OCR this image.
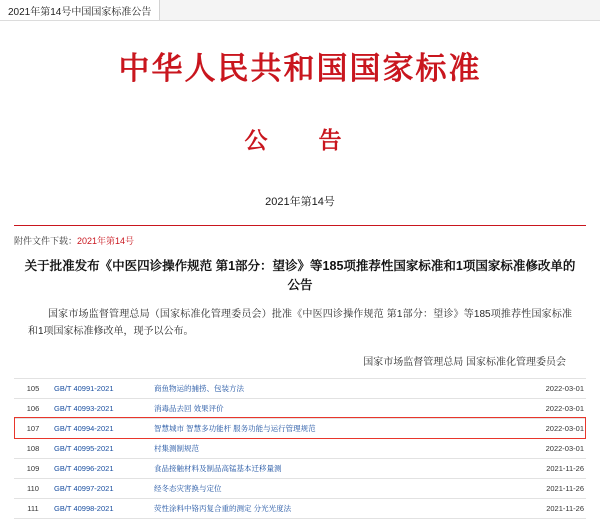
2021年第14号中国国家标准公告
中华人民共和国国家标准
公　告
2021年第14号
附件文件下载：2021年第14号
关于批准发布《中医四诊操作规范 第1部分：望诊》等185项推荐性国家标准和1项国家标准修改单的公告
国家市场监督管理总局（国家标准化管理委员会）批准《中医四诊操作规范 第1部分：望诊》等185项推荐性国家标准和1项国家标准修改单，现予以公布。
国家市场监督管理总局 国家标准化管理委员会
105	GB/T 40991-2021	商鱼物运的捕捞、包装方法	2022-03-01
106	GB/T 40993-2021	消毒品去回 效果评价	2022-03-01
107	GB/T 40994-2021	智慧城市 智慧多功能杆 服务功能与运行管理规范	2022-03-01
108	GB/T 40995-2021	村集测制规范	2022-03-01
109	GB/T 40996-2021	食品接触材料及制品高锰基本迁移量测	2021-11-26
110	GB/T 40997-2021	经冬态灾害换与定位	2021-11-26
111	GB/T 40998-2021	荧性涂料中铬丙复合重的测定 分光光度法	2021-11-26
